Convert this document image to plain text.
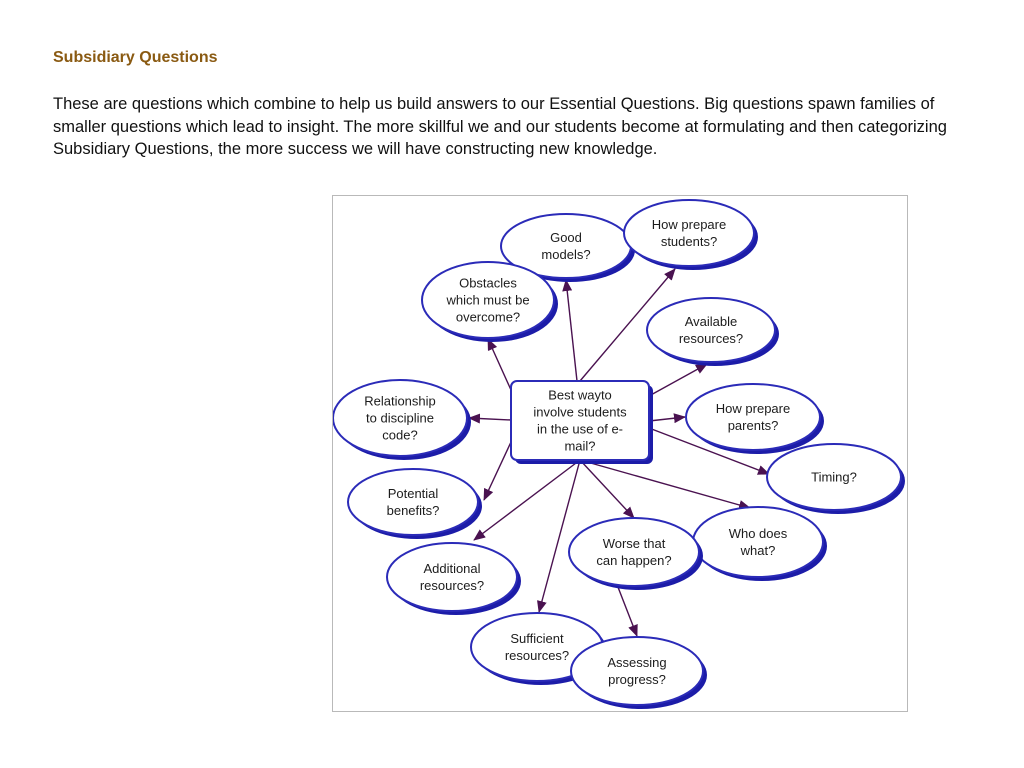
Subsidiary Questions

These are questions which combine to help us build answers to our Essential Questions. Big questions spawn families of smaller questions which lead to insight. The more skillful we and our students become at formulating and then categorizing Subsidiary Questions, the more success we will have constructing new knowledge.

Good
models?
How prepare
students?
Obstacles
which must be
overcome?	Available
resources?
Relationship
to discipline
code?
How prepare
parents?
Timing?
Potential
benefits?
Who does
what?
Worse that
can happen?
Additional
resources?
Sufficient
resources?	Assessing
progress?
Best wayto
involve students
in the use of e-
mail?
